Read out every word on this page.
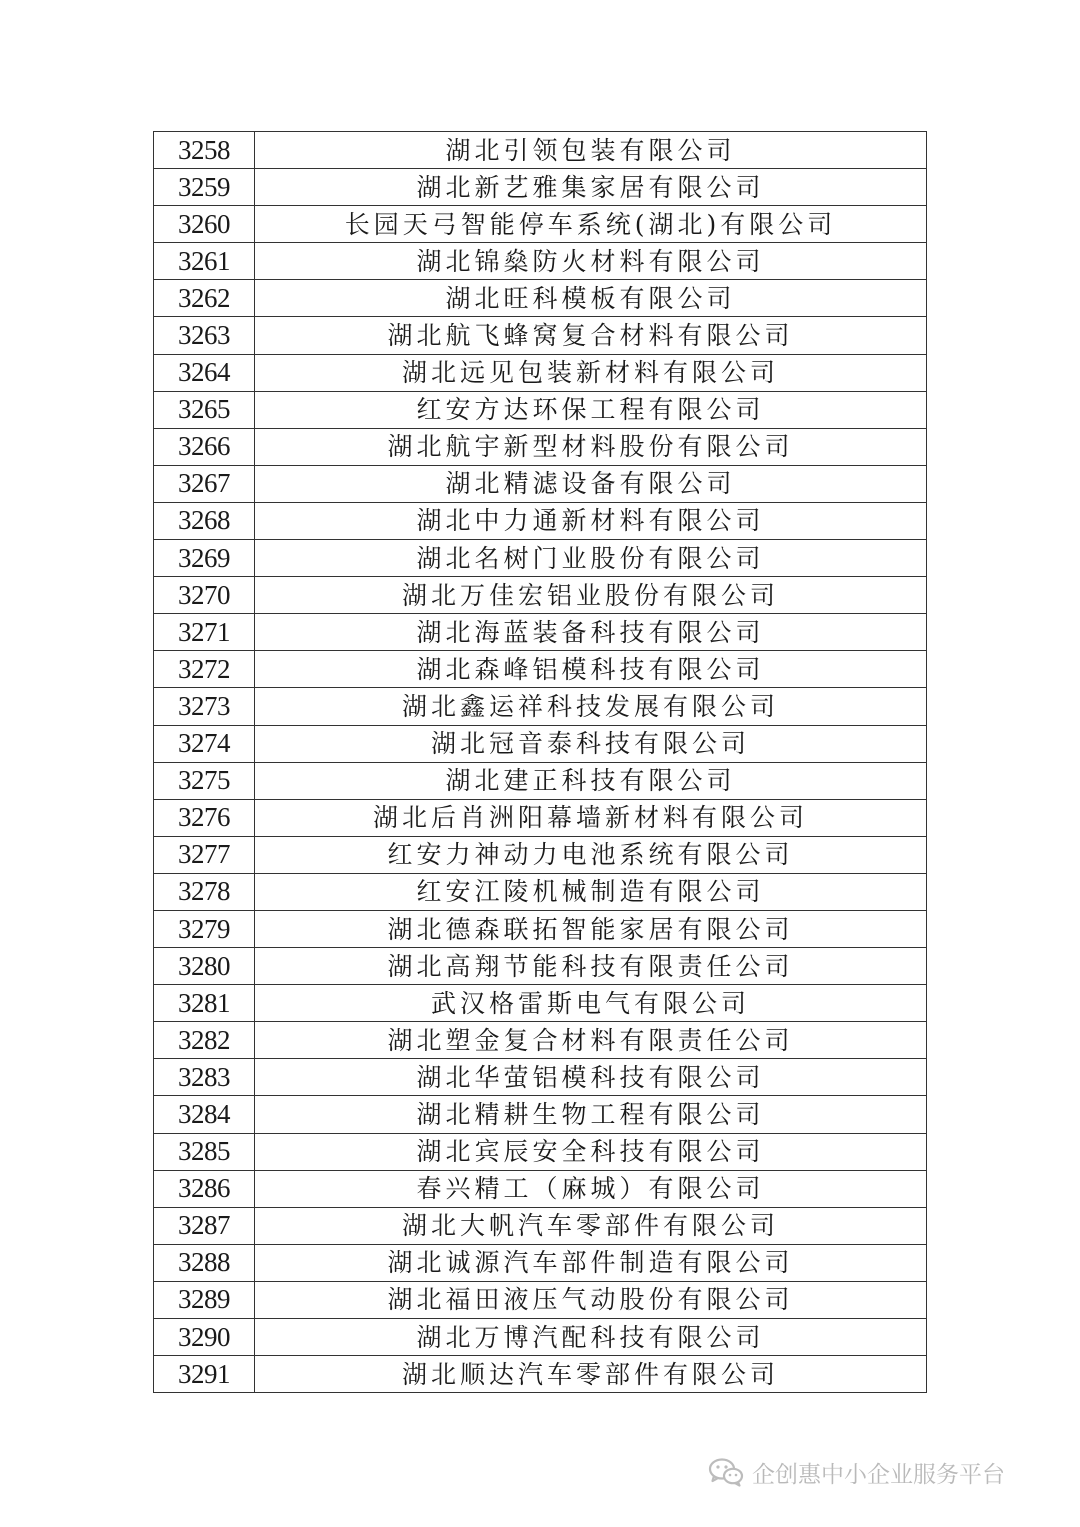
3258	湖北引领包装有限公司
3259	湖北新艺雅集家居有限公司
3260	长园天弓智能停车系统(湖北)有限公司
3261	湖北锦燊防火材料有限公司
3262	湖北旺科模板有限公司
3263	湖北航飞蜂窝复合材料有限公司
3264	湖北远见包装新材料有限公司
3265	红安方达环保工程有限公司
3266	湖北航宇新型材料股份有限公司
3267	湖北精滤设备有限公司
3268	湖北中力通新材料有限公司
3269	湖北名树门业股份有限公司
3270	湖北万佳宏铝业股份有限公司
3271	湖北海蓝装备科技有限公司
3272	湖北森峰铝模科技有限公司
3273	湖北鑫运祥科技发展有限公司
3274	湖北冠音泰科技有限公司
3275	湖北建正科技有限公司
3276	湖北后肖洲阳幕墙新材料有限公司
3277	红安力神动力电池系统有限公司
3278	红安江陵机械制造有限公司
3279	湖北德森联拓智能家居有限公司
3280	湖北高翔节能科技有限责任公司
3281	武汉格雷斯电气有限公司
3282	湖北塑金复合材料有限责任公司
3283	湖北华萤铝模科技有限公司
3284	湖北精耕生物工程有限公司
3285	湖北宾辰安全科技有限公司
3286	春兴精工（麻城）有限公司
3287	湖北大帆汽车零部件有限公司
3288	湖北诚源汽车部件制造有限公司
3289	湖北福田液压气动股份有限公司
3290	湖北万博汽配科技有限公司
3291	湖北顺达汽车零部件有限公司
企创惠中小企业服务平台
